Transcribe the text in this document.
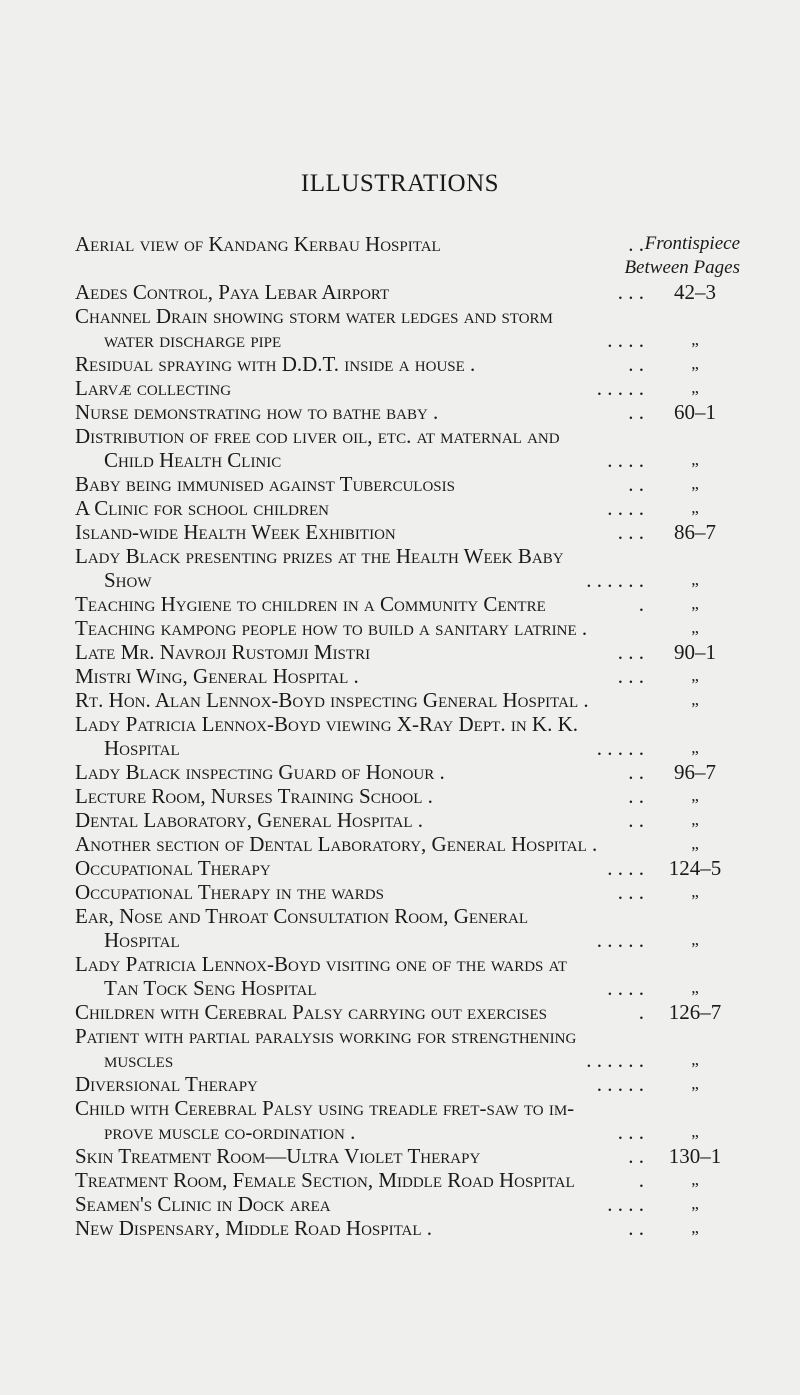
ILLUSTRATIONS
Aerial view of Kandang Kerbau Hospital	. . Frontispiece
Between Pages
Aedes Control, Paya Lebar Airport	. . .	42–3
Channel Drain showing storm water ledges and storm
water discharge pipe	. . . .	„
Residual spraying with D.D.T. inside a house .	. .	„
Larvæ collecting	. . . . .	„
Nurse demonstrating how to bathe baby .	. .	60–1
Distribution of free cod liver oil, etc. at maternal and
Child Health Clinic	. . . .	„
Baby being immunised against Tuberculosis	. .	„
A Clinic for school children	. . . .	„
Island-wide Health Week Exhibition	. . .	86–7
Lady Black presenting prizes at the Health Week Baby
Show	. . . . . .	„
Teaching Hygiene to children in a Community Centre	.	„
Teaching kampong people how to build a sanitary latrine .	„
Late Mr. Navroji Rustomji Mistri	. . .	90–1
Mistri Wing, General Hospital .	. . .	„
Rt. Hon. Alan Lennox-Boyd inspecting General Hospital .	„
Lady Patricia Lennox-Boyd viewing X-Ray Dept. in K. K.
Hospital	. . . . .	„
Lady Black inspecting Guard of Honour .	. .	96–7
Lecture Room, Nurses Training School .	. .	„
Dental Laboratory, General Hospital .	. .	„
Another section of Dental Laboratory, General Hospital .	„
Occupational Therapy	. . . .	124–5
Occupational Therapy in the wards	. . .	„
Ear, Nose and Throat Consultation Room, General
Hospital	. . . . .	„
Lady Patricia Lennox-Boyd visiting one of the wards at
Tan Tock Seng Hospital	. . . .	„
Children with Cerebral Palsy carrying out exercises	.	126–7
Patient with partial paralysis working for strengthening
muscles	. . . . . .	„
Diversional Therapy	. . . . .	„
Child with Cerebral Palsy using treadle fret-saw to im-
prove muscle co-ordination .	. . .	„
Skin Treatment Room—Ultra Violet Therapy	. .	130–1
Treatment Room, Female Section, Middle Road Hospital	.	„
Seamen's Clinic in Dock area	. . . .	„
New Dispensary, Middle Road Hospital .	. .	„
